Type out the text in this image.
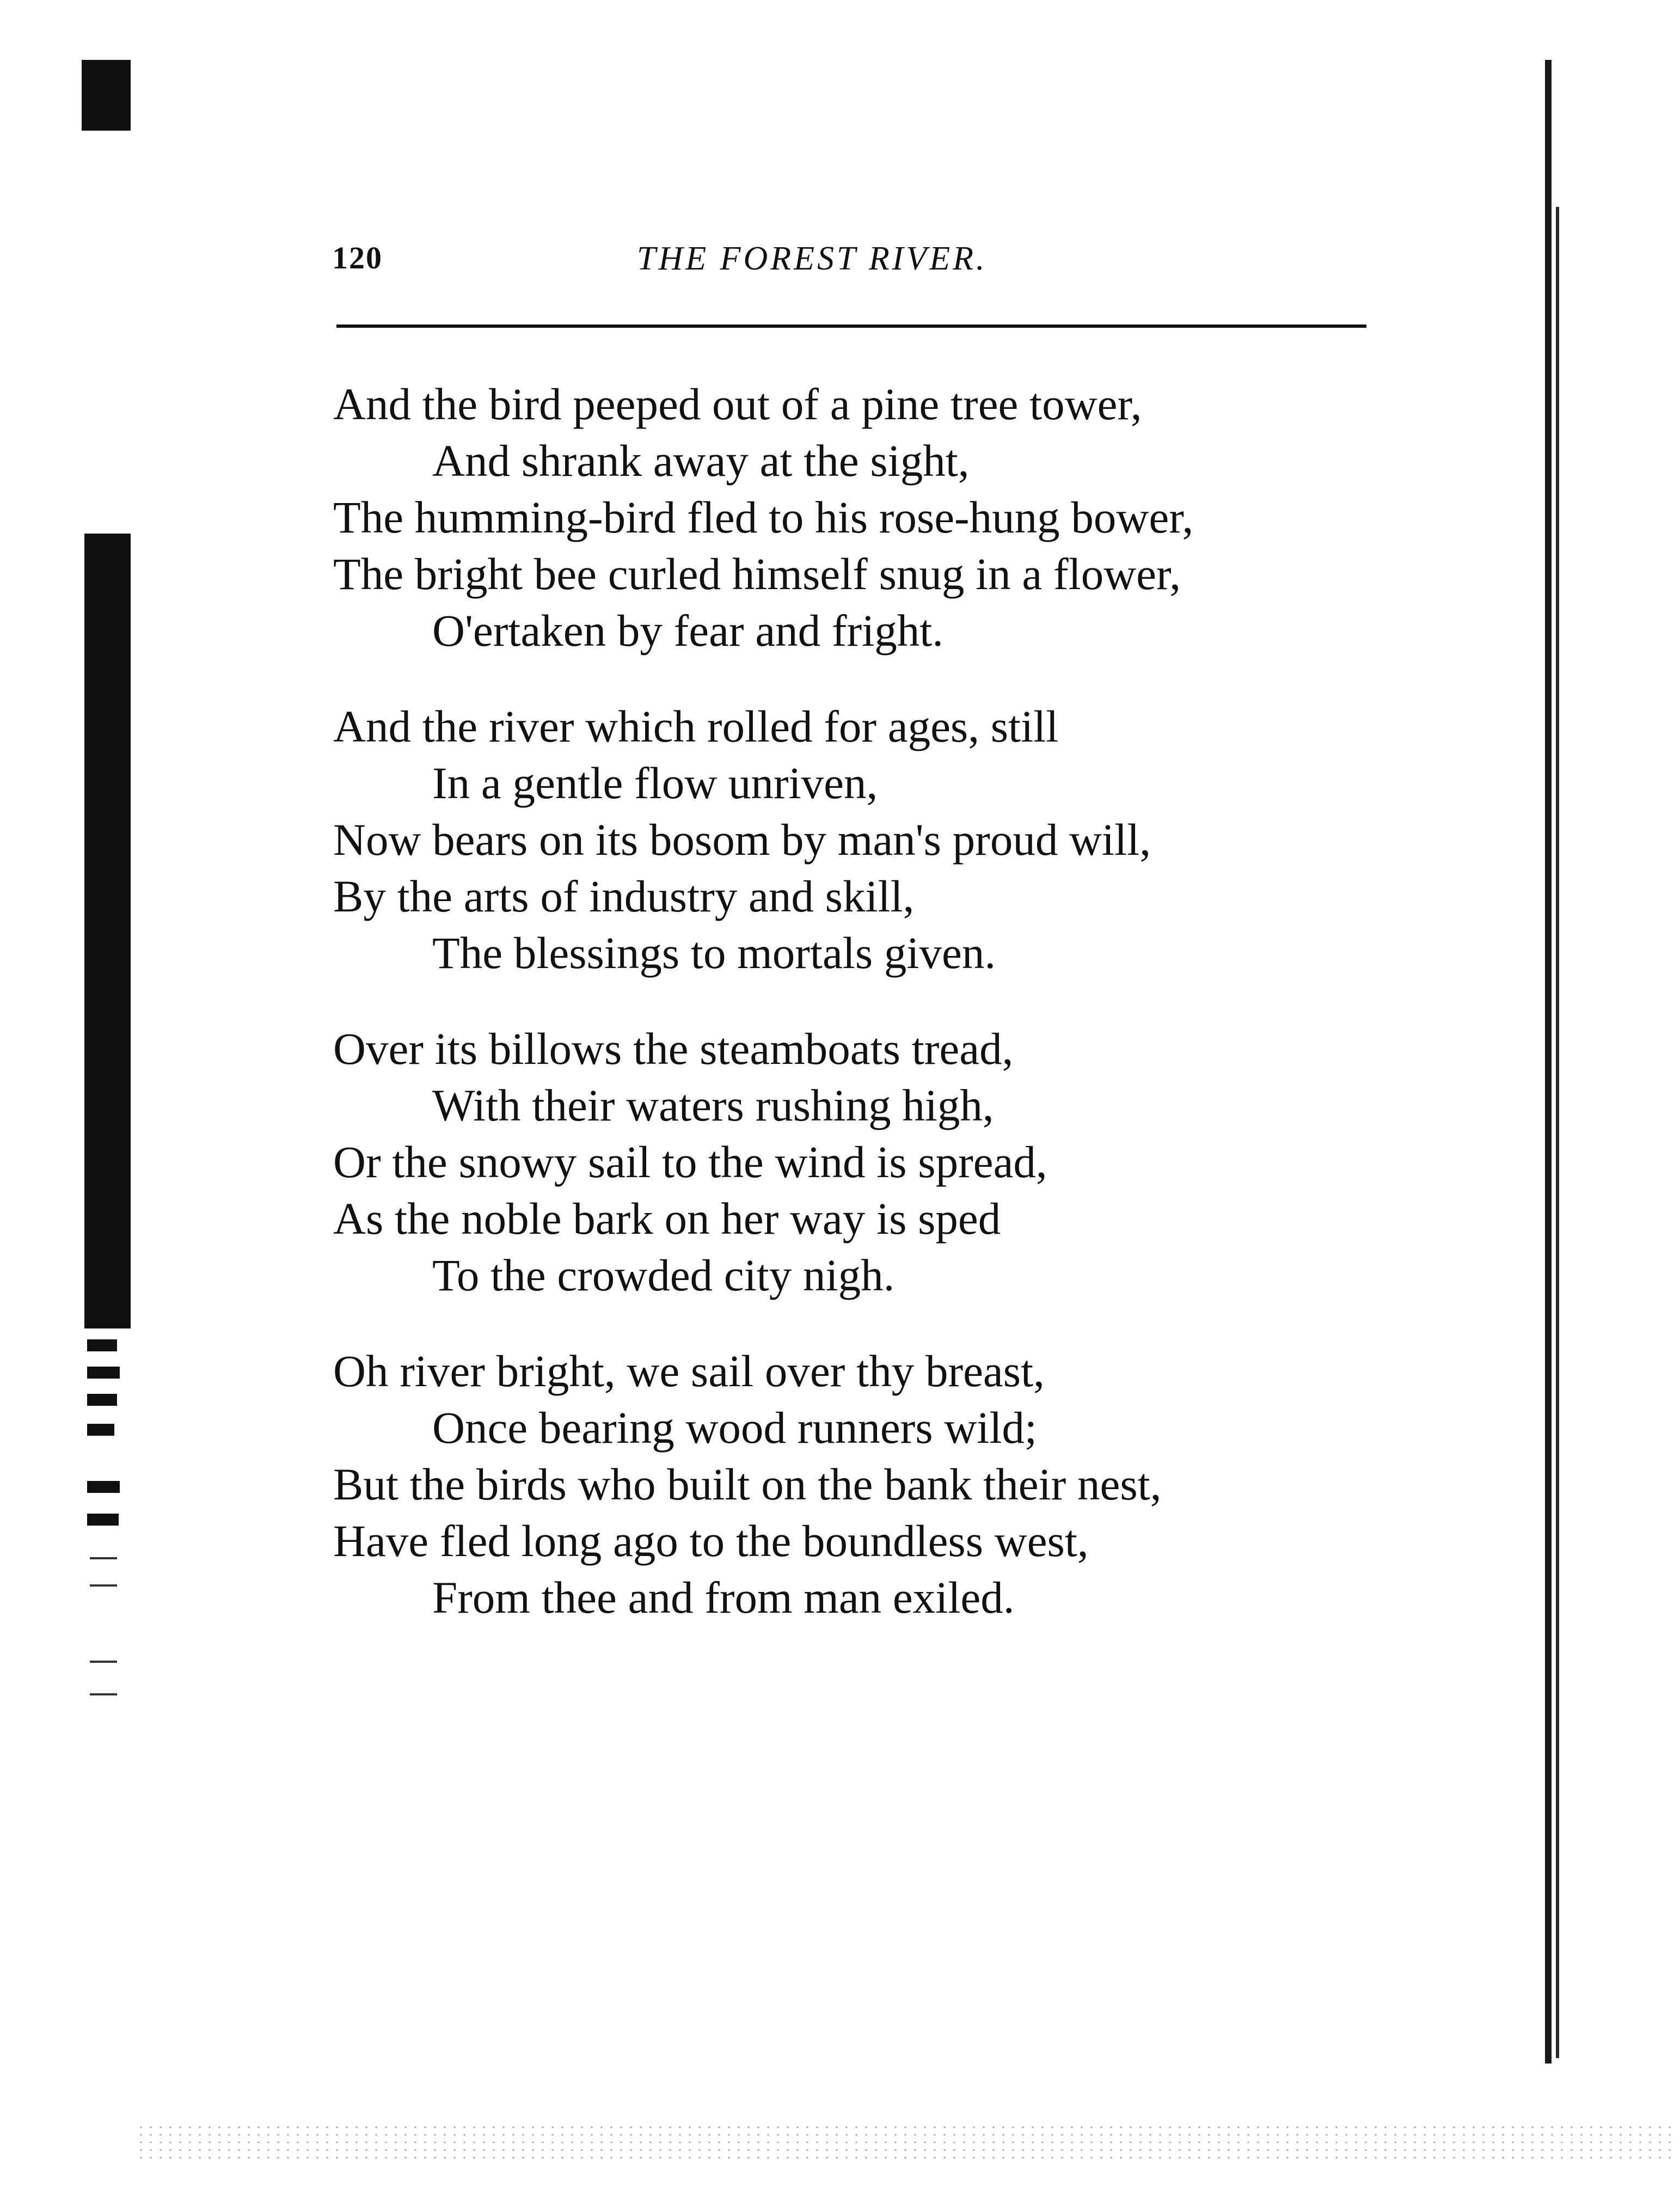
120	THE FOREST RIVER.
And the bird peeped out of a pine tree tower,
And shrank away at the sight,
The humming-bird fled to his rose-hung bower,
The bright bee curled himself snug in a flower,
O'ertaken by fear and fright.
And the river which rolled for ages, still
In a gentle flow unriven,
Now bears on its bosom by man's proud will,
By the arts of industry and skill,
The blessings to mortals given.
Over its billows the steamboats tread,
With their waters rushing high,
Or the snowy sail to the wind is spread,
As the noble bark on her way is sped
To the crowded city nigh.
Oh river bright, we sail over thy breast,
Once bearing wood runners wild;
But the birds who built on the bank their nest,
Have fled long ago to the boundless west,
From thee and from man exiled.
